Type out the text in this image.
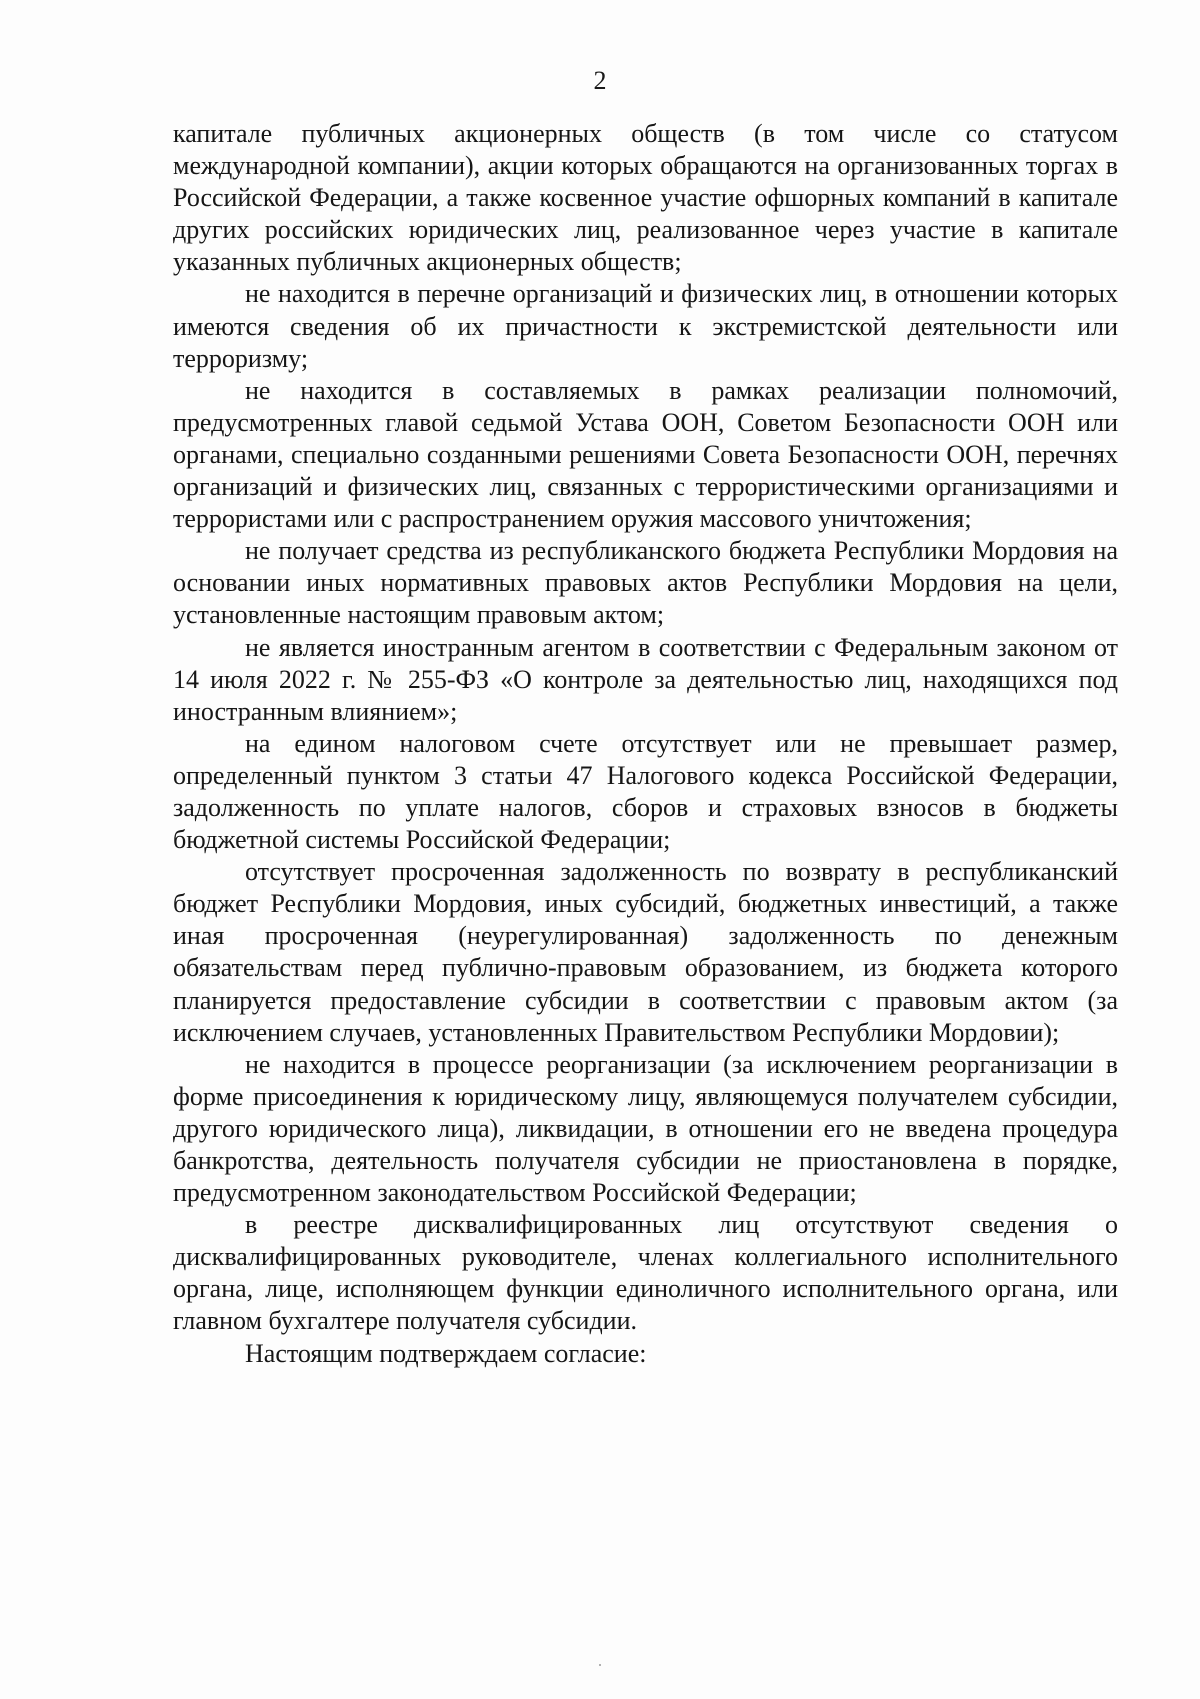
2

капитале публичных акционерных обществ (в том числе со статусом международной компании), акции которых обращаются на организованных торгах в Российской Федерации, а также косвенное участие офшорных компаний в капитале других российских юридических лиц, реализованное через участие в капитале указанных публичных акционерных обществ;

не находится в перечне организаций и физических лиц, в отношении которых имеются сведения об их причастности к экстремистской деятельности или терроризму;

не находится в составляемых в рамках реализации полномочий, предусмотренных главой седьмой Устава ООН, Советом Безопасности ООН или органами, специально созданными решениями Совета Безопасности ООН, перечнях организаций и физических лиц, связанных с террористическими организациями и террористами или с распространением оружия массового уничтожения;

не получает средства из республиканского бюджета Республики Мордовия на основании иных нормативных правовых актов Республики Мордовия на цели, установленные настоящим правовым актом;

не является иностранным агентом в соответствии с Федеральным законом от 14 июля 2022 г. № 255-ФЗ «О контроле за деятельностью лиц, находящихся под иностранным влиянием»;

на едином налоговом счете отсутствует или не превышает размер, определенный пунктом 3 статьи 47 Налогового кодекса Российской Федерации, задолженность по уплате налогов, сборов и страховых взносов в бюджеты бюджетной системы Российской Федерации;

отсутствует просроченная задолженность по возврату в республиканский бюджет Республики Мордовия, иных субсидий, бюджетных инвестиций, а также иная просроченная (неурегулированная) задолженность по денежным обязательствам перед публично-правовым образованием, из бюджета которого планируется предоставление субсидии в соответствии с правовым актом (за исключением случаев, установленных Правительством Республики Мордовии);

не находится в процессе реорганизации (за исключением реорганизации в форме присоединения к юридическому лицу, являющемуся получателем субсидии, другого юридического лица), ликвидации, в отношении его не введена процедура банкротства, деятельность получателя субсидии не приостановлена в порядке, предусмотренном законодательством Российской Федерации;

в реестре дисквалифицированных лиц отсутствуют сведения о дисквалифицированных руководителе, членах коллегиального исполнительного органа, лице, исполняющем функции единоличного исполнительного органа, или главном бухгалтере получателя субсидии.

Настоящим подтверждаем согласие:
